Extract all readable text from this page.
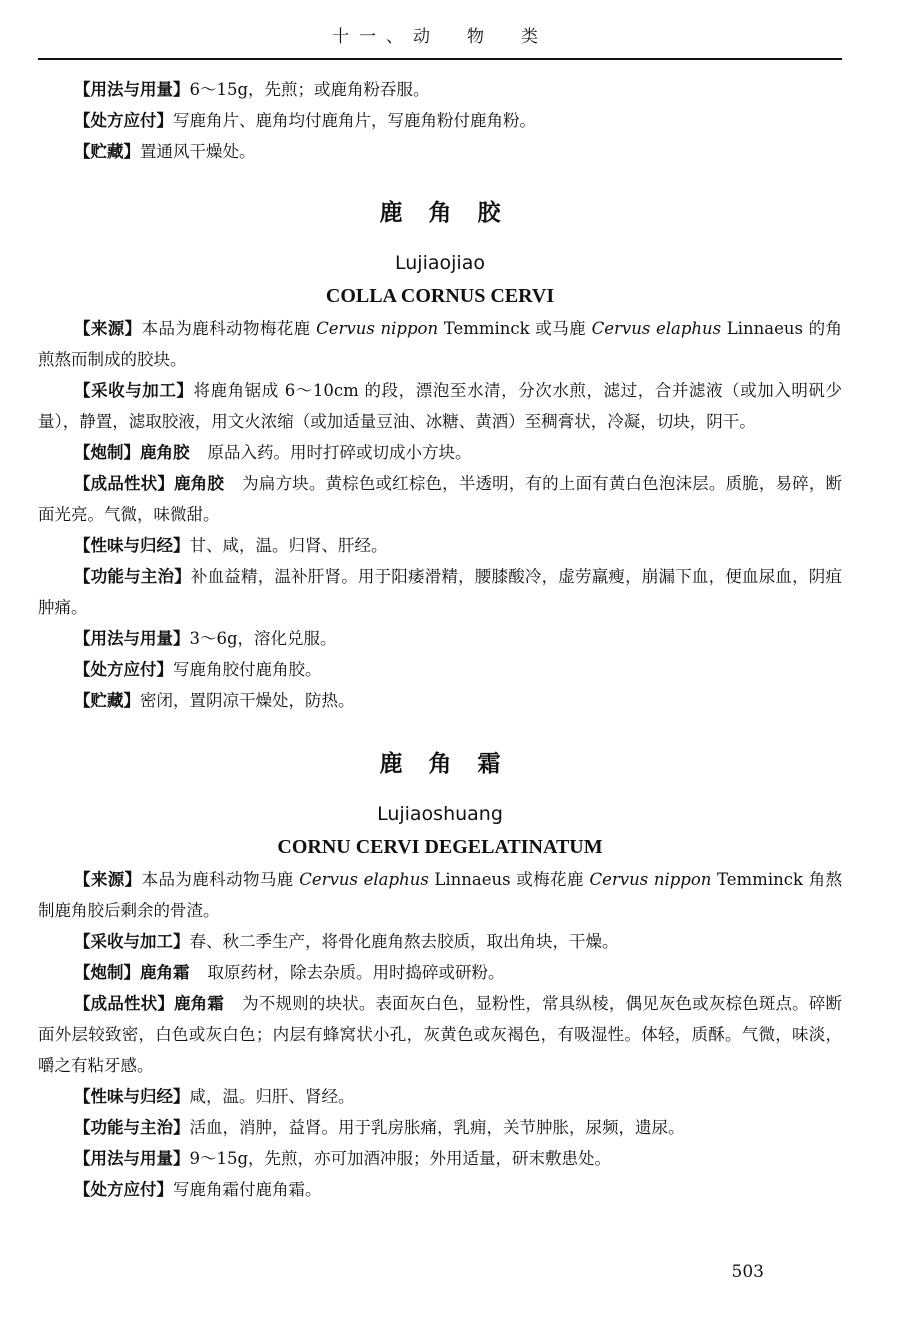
十一、动　物　类

【用法与用量】6～15g，先煎；或鹿角粉吞服。

【处方应付】写鹿角片、鹿角均付鹿角片，写鹿角粉付鹿角粉。

【贮藏】置通风干燥处。

鹿角胶

Lujiaojiao

COLLA CORNUS CERVI

【来源】本品为鹿科动物梅花鹿 Cervus nippon Temminck 或马鹿 Cervus elaphus Linnaeus 的角煎熬而制成的胶块。

【采收与加工】将鹿角锯成 6～10cm 的段，漂泡至水清，分次水煎，滤过，合并滤液（或加入明矾少量），静置，滤取胶液，用文火浓缩（或加适量豆油、冰糖、黄酒）至稠膏状，冷凝，切块，阴干。

【炮制】鹿角胶 原品入药。用时打碎或切成小方块。

【成品性状】鹿角胶 为扁方块。黄棕色或红棕色，半透明，有的上面有黄白色泡沫层。质脆，易碎，断面光亮。气微，味微甜。

【性味与归经】甘、咸，温。归肾、肝经。

【功能与主治】补血益精，温补肝肾。用于阳痿滑精，腰膝酸冷，虚劳羸瘦，崩漏下血，便血尿血，阴疽肿痛。

【用法与用量】3～6g，溶化兑服。

【处方应付】写鹿角胶付鹿角胶。

【贮藏】密闭，置阴凉干燥处，防热。

鹿角霜

Lujiaoshuang

CORNU CERVI DEGELATINATUM

【来源】本品为鹿科动物马鹿 Cervus elaphus Linnaeus 或梅花鹿 Cervus nippon Temminck 角熬制鹿角胶后剩余的骨渣。

【采收与加工】春、秋二季生产，将骨化鹿角熬去胶质，取出角块，干燥。

【炮制】鹿角霜 取原药材，除去杂质。用时捣碎或研粉。

【成品性状】鹿角霜 为不规则的块状。表面灰白色，显粉性，常具纵棱，偶见灰色或灰棕色斑点。碎断面外层较致密，白色或灰白色；内层有蜂窝状小孔，灰黄色或灰褐色，有吸湿性。体轻，质酥。气微，味淡，嚼之有粘牙感。

【性味与归经】咸，温。归肝、肾经。

【功能与主治】活血，消肿，益肾。用于乳房胀痛，乳痈，关节肿胀，尿频，遗尿。

【用法与用量】9～15g，先煎，亦可加酒冲服；外用适量，研末敷患处。

【处方应付】写鹿角霜付鹿角霜。

503
